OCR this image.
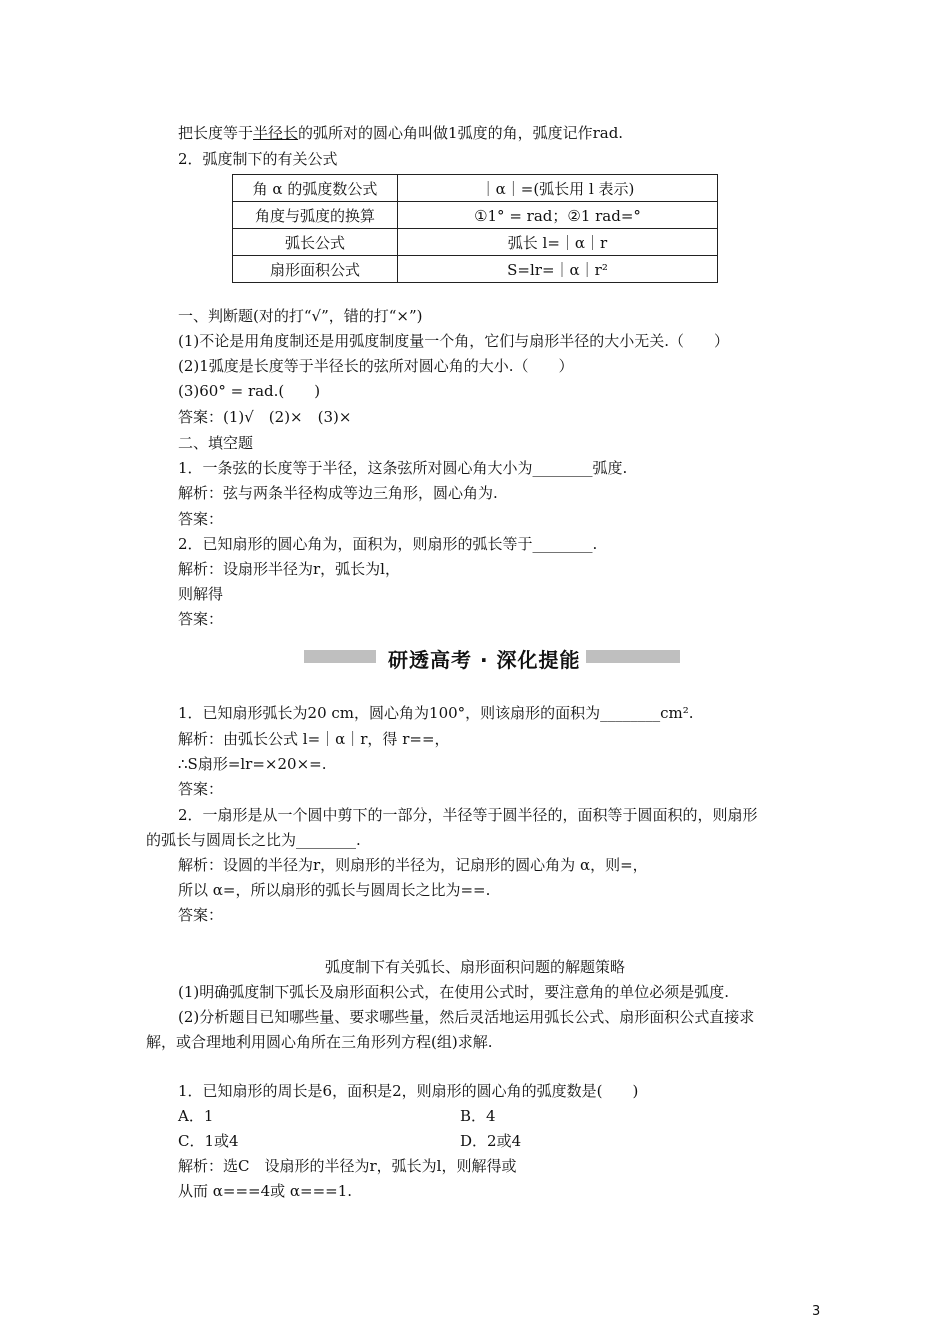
把长度等于半径长的弧所对的圆心角叫做1弧度的角，弧度记作rad.
2．弧度制下的有关公式
角 α 的弧度数公式	｜α｜=(弧长用 l 表示)
角度与弧度的换算	①1° = rad；②1 rad=°
弧长公式	弧长 l=｜α｜r
扇形面积公式	S=lr=｜α｜r²
一、判断题(对的打“√”，错的打“×”)
(1)不论是用角度制还是用弧度制度量一个角，它们与扇形半径的大小无关.（　　）
(2)1弧度是长度等于半径长的弦所对圆心角的大小.（　　）
(3)60° = rad.(　　)
答案：(1)√　(2)×　(3)×
二、填空题
1．一条弦的长度等于半径，这条弦所对圆心角大小为________弧度.
解析：弦与两条半径构成等边三角形，圆心角为.
答案：
2．已知扇形的圆心角为，面积为，则扇形的弧长等于________.
解析：设扇形半径为r，弧长为l，
则解得
答案：
研透高考 · 深化提能
1．已知扇形弧长为20 cm，圆心角为100°，则该扇形的面积为________cm².
解析：由弧长公式 l=｜α｜r，得 r==，
∴S扇形=lr=×20×=.
答案：
2．一扇形是从一个圆中剪下的一部分，半径等于圆半径的，面积等于圆面积的，则扇形
的弧长与圆周长之比为________.
解析：设圆的半径为r，则扇形的半径为，记扇形的圆心角为 α，则=，
所以 α=，所以扇形的弧长与圆周长之比为==.
答案：
弧度制下有关弧长、扇形面积问题的解题策略
(1)明确弧度制下弧长及扇形面积公式，在使用公式时，要注意角的单位必须是弧度.
(2)分析题目已知哪些量、要求哪些量，然后灵活地运用弧长公式、扇形面积公式直接求
解，或合理地利用圆心角所在三角形列方程(组)求解.
1．已知扇形的周长是6，面积是2，则扇形的圆心角的弧度数是(　　)
A．1	B．4
C．1或4	D．2或4
解析：选C　设扇形的半径为r，弧长为l，则解得或
从而 α===4或 α===1.
3
